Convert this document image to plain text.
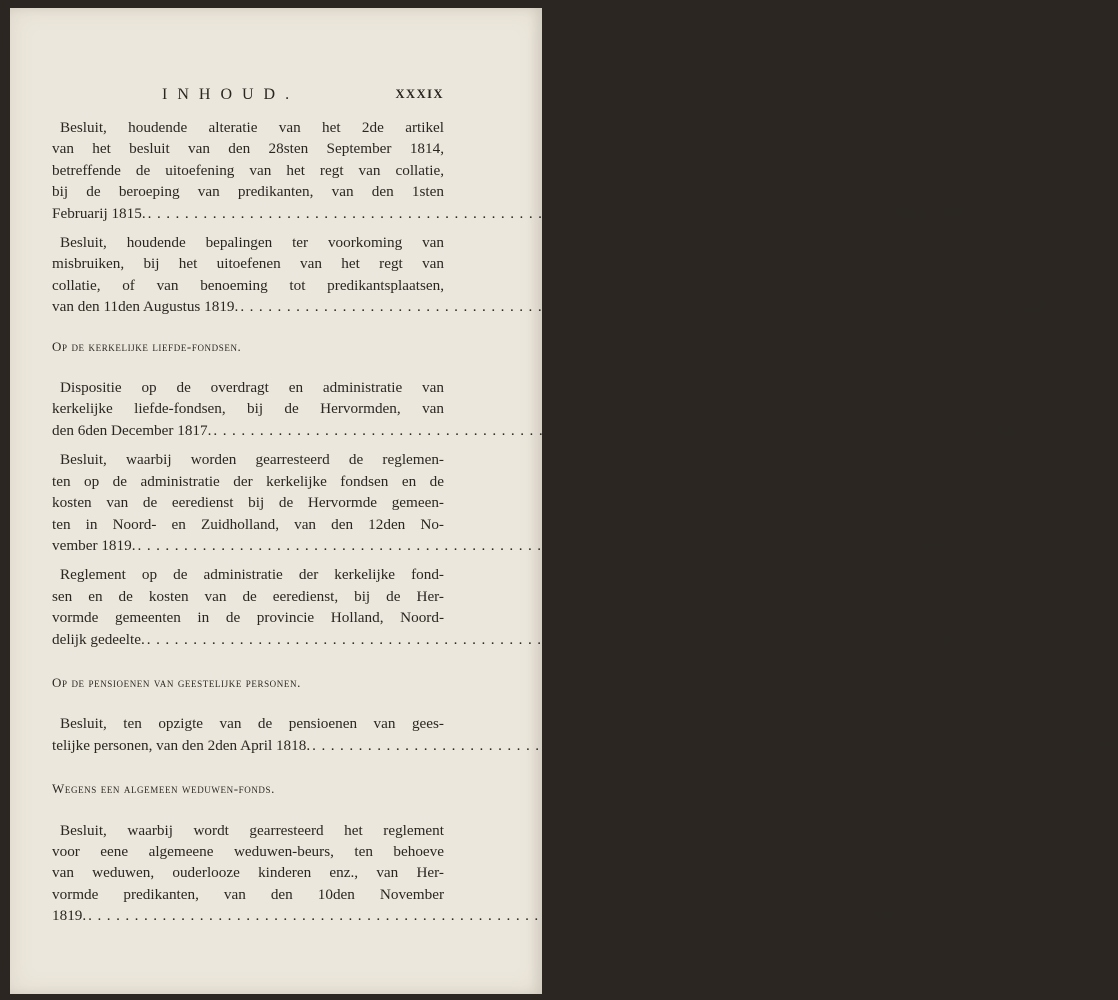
INHOUD.	XXXIX
Besluit, houdende alteratie van het 2de artikel
van het besluit van den 28sten September 1814,
betreffende de uitoefening van het regt van collatie,
bij de beroeping van predikanten, van den 1sten
Februarij 1815. ................................................................................ Bladz. 322
Besluit, houdende bepalingen ter voorkoming van
misbruiken, bij het uitoefenen van het regt van
collatie, of van benoeming tot predikantsplaatsen,
van den 11den Augustus 1819. ................................................................................	„ 323
Op de kerkelijke liefde-fondsen.
Dispositie op de overdragt en administratie van
kerkelijke liefde-fondsen, bij de Hervormden, van
den 6den December 1817. ................................................................................	„ 325
Besluit, waarbij worden gearresteerd de reglemen-
ten op de administratie der kerkelijke fondsen en de
kosten van de eeredienst bij de Hervormde gemeen-
ten in Noord- en Zuidholland, van den 12den No-
vember 1819. ................................................................................	„ 328
Reglement op de administratie der kerkelijke fond-
sen en de kosten van de eeredienst, bij de Her-
vormde gemeenten in de provincie Holland, Noord-
delijk gedeelte. ................................................................................	„ 329
Op de pensioenen van geestelijke personen.
Besluit, ten opzigte van de pensioenen van gees-
telijke personen, van den 2den April 1818. ................................................................................	„ 346
Wegens een algemeen weduwen-fonds.
Besluit, waarbij wordt gearresteerd het reglement
voor eene algemeene weduwen-beurs, ten behoeve
van weduwen, ouderlooze kinderen enz., van Her-
vormde predikanten, van den 10den November
1819. ................................................................................	„ 349
